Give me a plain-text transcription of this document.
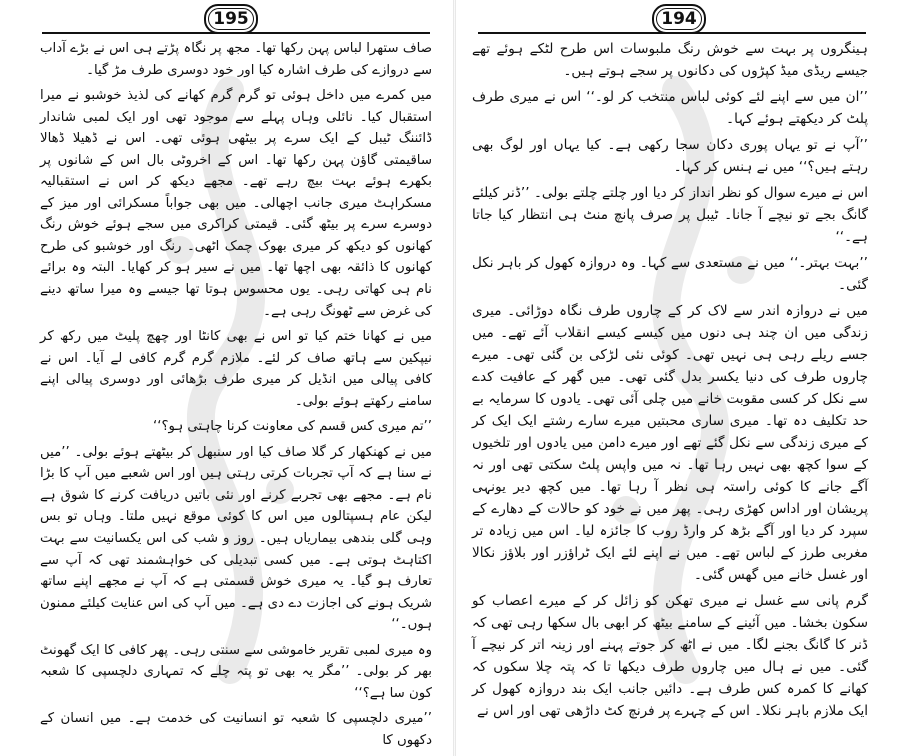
195

صاف ستھرا لباس پہن رکھا تھا۔ مجھ پر نگاہ پڑتے ہی اس نے بڑے آداب سے دروازے کی طرف اشارہ کیا اور خود دوسری طرف مڑ گیا۔

میں کمرے میں داخل ہوئی تو گرم گرم کھانے کی لذیذ خوشبو نے میرا استقبال کیا۔ نائلی وہاں پہلے سے موجود تھی اور ایک لمبی شاندار ڈائننگ ٹیبل کے ایک سرے پر بیٹھی ہوئی تھی۔ اس نے ڈھیلا ڈھالا ساقیمتی گاؤن پہن رکھا تھا۔ اس کے اخروٹی بال اس کے شانوں پر بکھرے ہوئے بہت بیچ رہے تھے۔ مجھے دیکھ کر اس نے استقبالیہ مسکراہٹ میری جانب اچھالی۔ میں بھی جواباً مسکرائی اور میز کے دوسرے سرے پر بیٹھ گئی۔ قیمتی کراکری میں سجے ہوئے خوش رنگ کھانوں کو دیکھ کر میری بھوک چمک اٹھی۔ رنگ اور خوشبو کی طرح کھانوں کا ذائقہ بھی اچھا تھا۔ میں نے سیر ہو کر کھایا۔ البتہ وہ برائے نام ہی کھاتی رہی۔ یوں محسوس ہوتا تھا جیسے وہ میرا ساتھ دینے کی غرض سے ٹھونگ رہی ہے۔

میں نے کھانا ختم کیا تو اس نے بھی کانٹا اور چھچ پلیٹ میں رکھ کر نیپکین سے ہاتھ صاف کر لئے۔ ملازم گرم گرم کافی لے آیا۔ اس نے کافی پیالی میں انڈیل کر میری طرف بڑھائی اور دوسری پیالی اپنے سامنے رکھتے ہوئے بولی۔

’’تم میری کس قسم کی معاونت کرنا چاہتی ہو؟‘‘

میں نے کھنکھار کر گلا صاف کیا اور سنبھل کر بیٹھتے ہوئے بولی۔ ’’میں نے سنا ہے کہ آپ تجربات کرتی رہتی ہیں اور اس شعبے میں آپ کا بڑا نام ہے۔ مجھے بھی تجربے کرنے اور نئی باتیں دریافت کرنے کا شوق ہے لیکن عام ہسپتالوں میں اس کا کوئی موقع نہیں ملتا۔ وہاں تو بس وہی گلی بندھی بیماریاں ہیں۔ روز و شب کی اس یکسانیت سے بہت اکتاہٹ ہوتی ہے۔ میں کسی تبدیلی کی خواہشمند تھی کہ آپ سے تعارف ہو گیا۔ یہ میری خوش قسمتی ہے کہ آپ نے مجھے اپنے ساتھ شریک ہونے کی اجازت دے دی ہے۔ میں آپ کی اس عنایت کیلئے ممنون ہوں۔‘‘

وہ میری لمبی تقریر خاموشی سے سنتی رہی۔ پھر کافی کا ایک گھونٹ بھر کر بولی۔ ’’مگر یہ بھی تو پتہ چلے کہ تمہاری دلچسپی کا شعبہ کون سا ہے؟‘‘

’’میری دلچسپی کا شعبہ تو انسانیت کی خدمت ہے۔ میں انسان کے دکھوں کا

194

ہینگروں پر بہت سے خوش رنگ ملبوسات اس طرح لٹکے ہوئے تھے جیسے ریڈی میڈ کپڑوں کی دکانوں پر سجے ہوتے ہیں۔

’’ان میں سے اپنے لئے کوئی لباس منتخب کر لو۔‘‘ اس نے میری طرف پلٹ کر دیکھتے ہوئے کہا۔

’’آپ نے تو یہاں پوری دکان سجا رکھی ہے۔ کیا یہاں اور لوگ بھی رہتے ہیں؟‘‘ میں نے ہنس کر کہا۔

اس نے میرے سوال کو نظر انداز کر دیا اور چلتے چلتے بولی۔ ’’ڈنر کیلئے گانگ بجے تو نیچے آ جانا۔ ٹیبل پر صرف پانچ منٹ ہی انتظار کیا جاتا ہے۔‘‘

’’بہت بہتر۔‘‘ میں نے مستعدی سے کہا۔ وہ دروازہ کھول کر باہر نکل گئی۔

میں نے دروازہ اندر سے لاک کر کے چاروں طرف نگاہ دوڑائی۔ میری زندگی میں ان چند ہی دنوں میں کیسے کیسے انقلاب آئے تھے۔ میں جسے ریلے رہی ہی نہیں تھی۔ کوئی نئی لڑکی بن گئی تھی۔ میرے چاروں طرف کی دنیا یکسر بدل گئی تھی۔ میں گھر کے عافیت کدے سے نکل کر کسی مقوبت خانے میں چلی آئی تھی۔ یادوں کا سرمایہ بے حد تکلیف دہ تھا۔ میری ساری محبتیں میرے سارے رشتے ایک ایک کر کے میری زندگی سے نکل گئے تھے اور میرے دامن میں یادوں اور تلخیوں کے سوا کچھ بھی نہیں رہا تھا۔ نہ میں واپس پلٹ سکتی تھی اور نہ آگے جانے کا کوئی راستہ ہی نظر آ رہا تھا۔ میں کچھ دیر یونہی پریشان اور اداس کھڑی رہی۔ پھر میں نے خود کو حالات کے دھارے کے سپرد کر دیا اور آگے بڑھ کر وارڈ روب کا جائزہ لیا۔ اس میں زیادہ تر مغربی طرز کے لباس تھے۔ میں نے اپنے لئے ایک ٹراؤزر اور بلاؤز نکالا اور غسل خانے میں گھس گئی۔

گرم پانی سے غسل نے میری تھکن کو زائل کر کے میرے اعصاب کو سکون بخشا۔ میں آئینے کے سامنے بیٹھ کر ابھی بال سکھا رہی تھی کہ ڈنر کا گانگ بجنے لگا۔ میں نے اٹھ کر جوتے پہنے اور زینہ اتر کر نیچے آ گئی۔ میں نے ہال میں چاروں طرف دیکھا تا کہ پتہ چلا سکوں کہ کھانے کا کمرہ کس طرف ہے۔ دائیں جانب ایک بند دروازہ کھول کر ایک ملازم باہر نکلا۔ اس کے چہرے پر فرنچ کٹ داڑھی تھی اور اس نے
